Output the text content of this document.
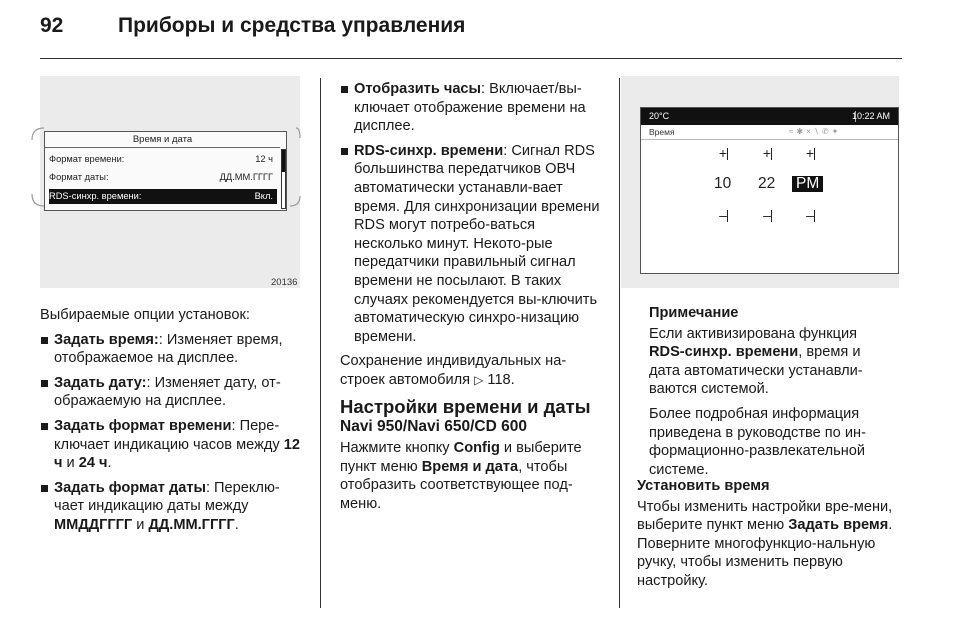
92	Приборы и средства управления
Время и дата
Формат времени:	12 ч
Формат даты:	ДД.ММ.ГГГГ
RDS-синхр. времени:	Вкл.
20136

Выбираемые опции установок:

Задать время:: Изменяет время, отображаемое на дисплее.
Задать дату:: Изменяет дату, от-ображаемую на дисплее.
Задать формат времени: Пере-ключает индикацию часов между 12 ч и 24 ч.
Задать формат даты: Переклю-чает индикацию даты между ММДДГГГГ и ДД.ММ.ГГГГ.
Отобразить часы: Включает/вы-ключает отображение времени на дисплее.
RDS-синхр. времени: Сигнал RDS большинства передатчиков ОВЧ автоматически устанавли-вает время. Для синхронизации времени RDS могут потребо-ваться несколько минут. Некото-рые передатчики правильный сигнал времени не посылают. В таких случаях рекомендуется вы-ключить автоматическую синхро-низацию времени.

Сохранение индивидуальных на-строек автомобиля ▷ 118.

Настройки времени и даты
Navi 950/Navi 650/CD 600

Нажмите кнопку Config и выберите пункт меню Время и дата, чтобы отобразить соответствующее под-меню.

20°C	10:22 AM
Время	≈✱×∖✆✦
+	+ +
10 22 PM
–	–	–
Примечание

Если активизирована функция RDS-синхр. времени, время и дата автоматически устанавли-ваются системой.

Более подробная информация приведена в руководстве по ин-формационно-развлекательной системе.

Установить время

Чтобы изменить настройки вре-мени, выберите пункт меню Задать время. Поверните многофункцио-нальную ручку, чтобы изменить первую настройку.
